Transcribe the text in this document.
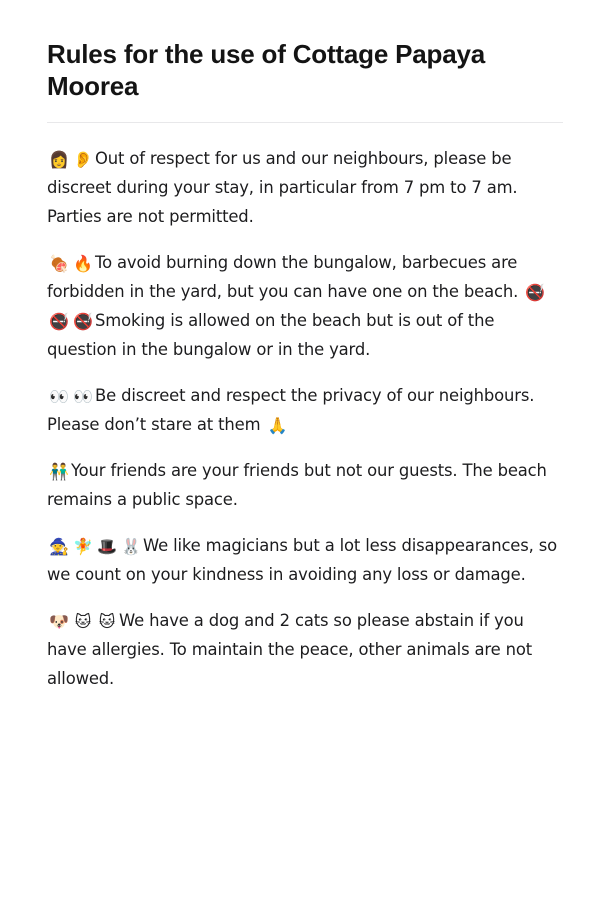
Rules for the use of Cottage Papaya Moorea

👩 👂 Out of respect for us and our neighbours, please be discreet during your stay, in particular from 7 pm to 7 am. Parties are not permitted.

🍖 🔥 To avoid burning down the bungalow, barbecues are forbidden in the yard, but you can have one on the beach. 🚭🚭 🚭 Smoking is allowed on the beach but is out of the question in the bungalow or in the yard.

👀 👀 Be discreet and respect the privacy of our neighbours. Please don’t stare at them 🙏

👬 Your friends are your friends but not our guests. The beach remains a public space.

🧙 🧚 🎩 🐰 We like magicians but a lot less disappearances, so we count on your kindness in avoiding any loss or damage.

🐶 🐱 🐱 We have a dog and 2 cats so please abstain if you have allergies. To maintain the peace, other animals are not allowed.
